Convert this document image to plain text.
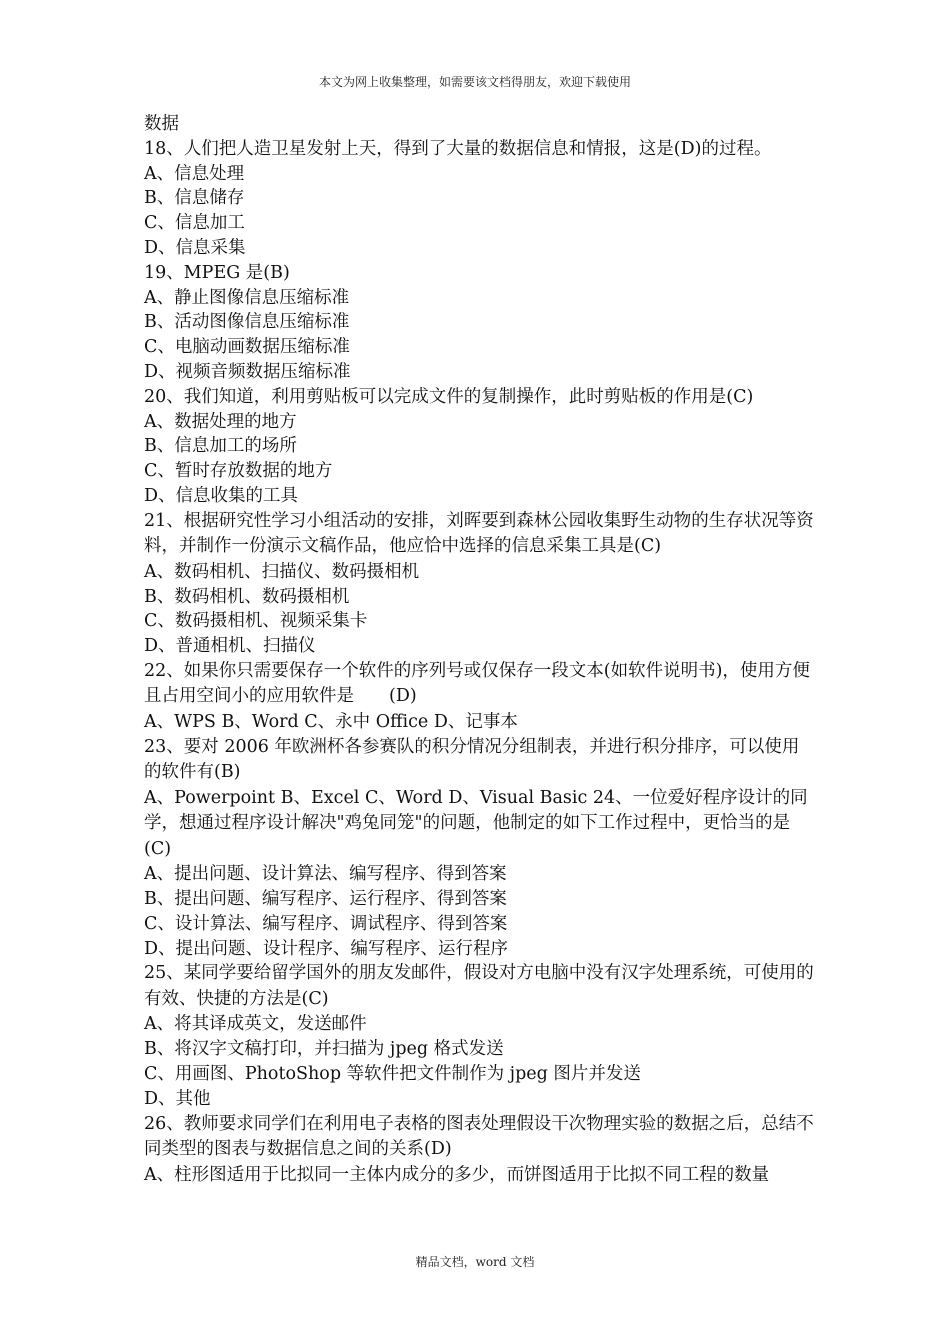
本文为网上收集整理，如需要该文档得朋友，欢迎下载使用
数据
18、人们把人造卫星发射上天，得到了大量的数据信息和情报，这是(D)的过程。
A、信息处理
B、信息储存
C、信息加工
D、信息采集
19、MPEG 是(B)
A、静止图像信息压缩标准
B、活动图像信息压缩标准
C、电脑动画数据压缩标准
D、视频音频数据压缩标准
20、我们知道，利用剪贴板可以完成文件的复制操作，此时剪贴板的作用是(C)
A、数据处理的地方
B、信息加工的场所
C、暂时存放数据的地方
D、信息收集的工具
21、根据研究性学习小组活动的安排，刘晖要到森林公园收集野生动物的生存状况等资料，并制作一份演示文稿作品，他应恰中选择的信息采集工具是(C)
A、数码相机、扫描仪、数码摄相机
B、数码相机、数码摄相机
C、数码摄相机、视频采集卡
D、普通相机、扫描仪
22、如果你只需要保存一个软件的序列号或仅保存一段文本(如软件说明书)，使用方便且占用空间小的应用软件是　　(D)
A、WPS B、Word C、永中 Office D、记事本
23、要对 2006 年欧洲杯各参赛队的积分情况分组制表，并进行积分排序，可以使用的软件有(B)
A、Powerpoint B、Excel C、Word D、Visual Basic 24、一位爱好程序设计的同学，想通过程序设计解决"鸡兔同笼"的问题，他制定的如下工作过程中，更恰当的是(C)
A、提出问题、设计算法、编写程序、得到答案
B、提出问题、编写程序、运行程序、得到答案
C、设计算法、编写程序、调试程序、得到答案
D、提出问题、设计程序、编写程序、运行程序
25、某同学要给留学国外的朋友发邮件，假设对方电脑中没有汉字处理系统，可使用的有效、快捷的方法是(C)
A、将其译成英文，发送邮件
B、将汉字文稿打印，并扫描为 jpeg 格式发送
C、用画图、PhotoShop 等软件把文件制作为 jpeg 图片并发送
D、其他
26、教师要求同学们在利用电子表格的图表处理假设干次物理实验的数据之后，总结不同类型的图表与数据信息之间的关系(D)
A、柱形图适用于比拟同一主体内成分的多少，而饼图适用于比拟不同工程的数量
精品文档，word 文档
